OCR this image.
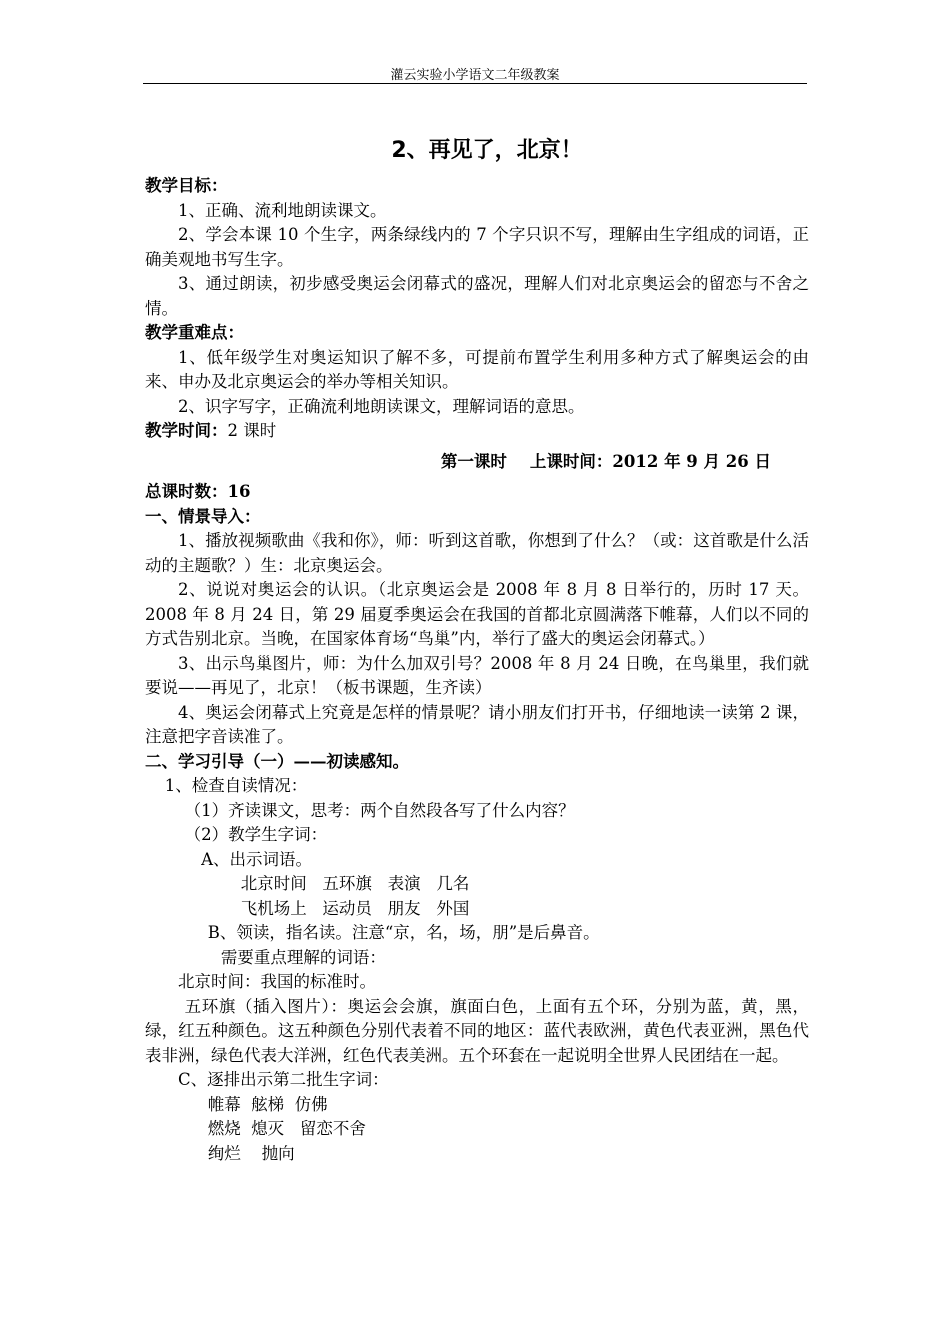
灌云实验小学语文二年级教案
2、再见了，北京！

教学目标：

1、正确、流利地朗读课文。

2、学会本课 10 个生字，两条绿线内的 7 个字只识不写，理解由生字组成的词语，正确美观地书写生字。

3、通过朗读，初步感受奥运会闭幕式的盛况，理解人们对北京奥运会的留恋与不舍之情。

教学重难点：

1、低年级学生对奥运知识了解不多，可提前布置学生利用多种方式了解奥运会的由来、申办及北京奥运会的举办等相关知识。

2、识字写字，正确流利地朗读课文，理解词语的意思。

教学时间：2 课时

第一课时    上课时间：2012 年 9 月 26 日

总课时数：16

一、情景导入：

1、播放视频歌曲《我和你》，师：听到这首歌，你想到了什么？（或：这首歌是什么活动的主题歌？）生：北京奥运会。

2、说说对奥运会的认识。（北京奥运会是 2008 年 8 月 8 日举行的，历时 17 天。2008 年 8 月 24 日，第 29 届夏季奥运会在我国的首都北京圆满落下帷幕，人们以不同的方式告别北京。当晚，在国家体育场“鸟巢”内，举行了盛大的奥运会闭幕式。）

3、出示鸟巢图片，师：为什么加双引号？2008 年 8 月 24 日晚，在鸟巢里，我们就要说——再见了，北京！（板书课题，生齐读）

4、奥运会闭幕式上究竟是怎样的情景呢？请小朋友们打开书，仔细地读一读第 2 课，注意把字音读准了。

二、学习引导（一）——初读感知。

1、检查自读情况：

（1）齐读课文，思考：两个自然段各写了什么内容？

（2）教学生字词：

A、出示词语。

北京时间   五环旗   表演   几名

飞机场上   运动员   朋友   外国

B、领读，指名读。注意“京，名，场，朋”是后鼻音。

需要重点理解的词语：

北京时间：我国的标准时。

五环旗（插入图片）：奥运会会旗，旗面白色，上面有五个环，分别为蓝，黄，黑，绿，红五种颜色。这五种颜色分别代表着不同的地区：蓝代表欧洲，黄色代表亚洲，黑色代表非洲，绿色代表大洋洲，红色代表美洲。五个环套在一起说明全世界人民团结在一起。

C、逐排出示第二批生字词：

帷幕  舷梯  仿佛

燃烧  熄灭   留恋不舍

绚烂    抛向
